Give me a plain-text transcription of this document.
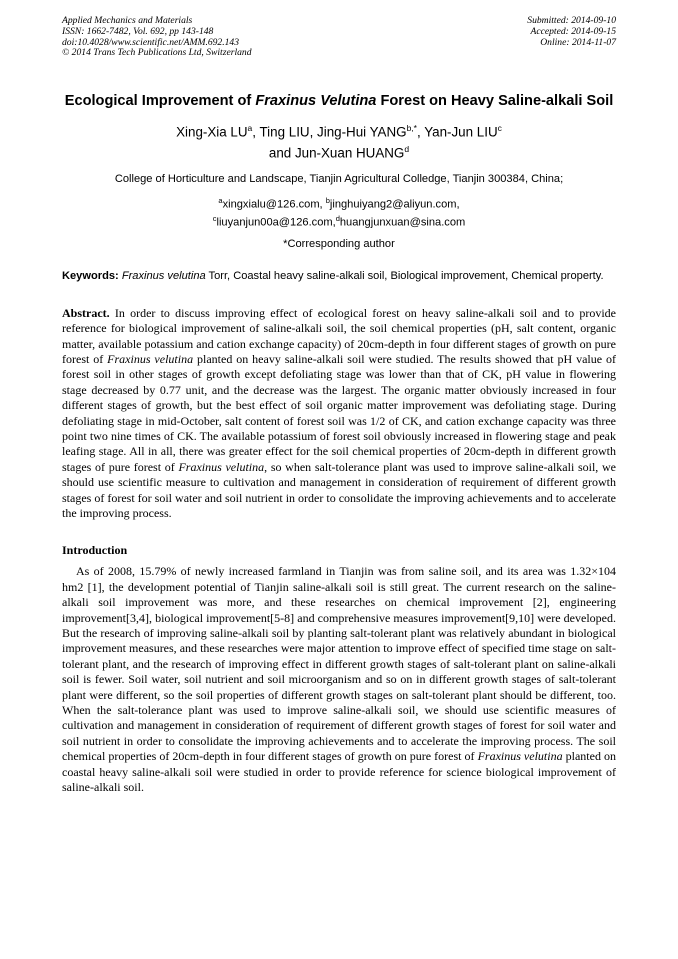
Applied Mechanics and Materials
ISSN: 1662-7482, Vol. 692, pp 143-148
doi:10.4028/www.scientific.net/AMM.692.143
© 2014 Trans Tech Publications Ltd, Switzerland
Submitted: 2014-09-10
Accepted: 2014-09-15
Online: 2014-11-07
Ecological Improvement of Fraxinus Velutina Forest on Heavy Saline-alkali Soil
Xing-Xia $LU^a$, Ting LIU, Jing-Hui $YANG^{b,*}$, Yan-Jun LIU$^c$
and Jun-Xuan HUANG$^d$
College of Horticulture and Landscape, Tianjin Agricultural Colledge, Tianjin 300384, China;
$^a$xingxialu@126.com, $^b$jinghuiyang2@aliyun.com,
$^c$liuyanjun00a@126.com,$^d$huangjunxuan@sina.com
*Corresponding author
Keywords: Fraxinus velutina Torr, Coastal heavy saline-alkali soil, Biological improvement, Chemical property.
Abstract. In order to discuss improving effect of ecological forest on heavy saline-alkali soil and to provide reference for biological improvement of saline-alkali soil, the soil chemical properties (pH, salt content, organic matter, available potassium and cation exchange capacity) of 20cm-depth in four different stages of growth on pure forest of Fraxinus velutina planted on heavy saline-alkali soil were studied. The results showed that pH value of forest soil in other stages of growth except defoliating stage was lower than that of CK, pH value in flowering stage decreased by 0.77 unit, and the decrease was the largest. The organic matter obviously increased in four different stages of growth, but the best effect of soil organic matter improvement was defoliating stage. During defoliating stage in mid-October, salt content of forest soil was 1/2 of CK, and cation exchange capacity was three point two nine times of CK. The available potassium of forest soil obviously increased in flowering stage and peak leafing stage. All in all, there was greater effect for the soil chemical properties of 20cm-depth in different growth stages of pure forest of Fraxinus velutina, so when salt-tolerance plant was used to improve saline-alkali soil, we should use scientific measure to cultivation and management in consideration of requirement of different growth stages of forest for soil water and soil nutrient in order to consolidate the improving achievements and to accelerate the improving process.
Introduction
As of 2008, 15.79% of newly increased farmland in Tianjin was from saline soil, and its area was 1.32×104 hm2 [1], the development potential of Tianjin saline-alkali soil is still great. The current research on the saline-alkali soil improvement was more, and these researches on chemical improvement [2], engineering improvement[3,4], biological improvement[5-8] and comprehensive measures improvement[9,10] were developed. But the research of improving saline-alkali soil by planting salt-tolerant plant was relatively abundant in biological improvement measures, and these researches were major attention to improve effect of specified time stage on salt-tolerant plant, and the research of improving effect in different growth stages of salt-tolerant plant on saline-alkali soil is fewer. Soil water, soil nutrient and soil microorganism and so on in different growth stages of salt-tolerant plant were different, so the soil properties of different growth stages on salt-tolerant plant should be different, too. When the salt-tolerance plant was used to improve saline-alkali soil, we should use scientific measures of cultivation and management in consideration of requirement of different growth stages of forest for soil water and soil nutrient in order to consolidate the improving achievements and to accelerate the improving process. The soil chemical properties of 20cm-depth in four different stages of growth on pure forest of Fraxinus velutina planted on coastal heavy saline-alkali soil were studied in order to provide reference for science biological improvement of saline-alkali soil.
